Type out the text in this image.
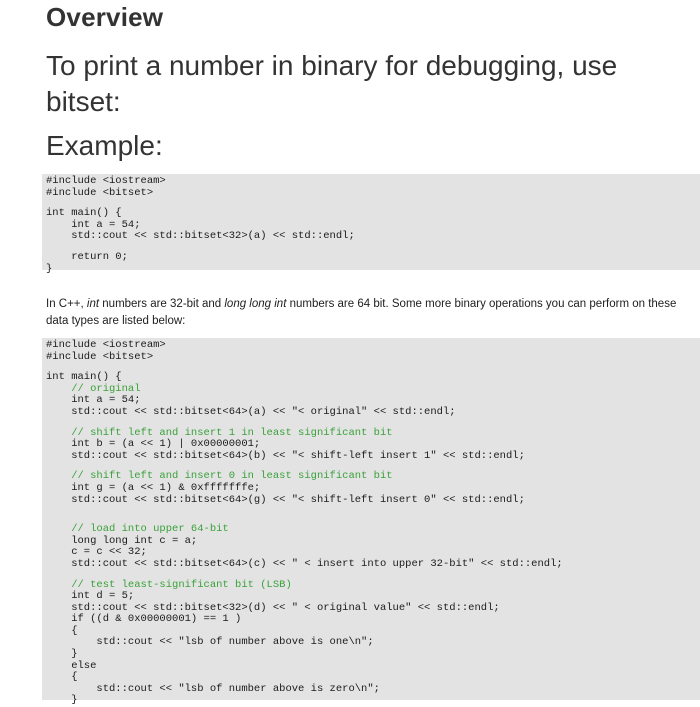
Overview
To print a number in binary for debugging, use bitset:
Example:
#include <iostream>
#include <bitset>
int main() {
int a = 54;
std::cout << std::bitset<32>(a) << std::endl;
return 0;
}
In C++, int numbers are 32-bit and long long int numbers are 64 bit. Some more binary operations you can perform on these data types are listed below:
#include <iostream>
#include <bitset>
int main() {
// original
int a = 54;
std::cout << std::bitset<64>(a) << "< original" << std::endl;
// shift left and insert 1 in least significant bit
int b = (a << 1) | 0x00000001;
std::cout << std::bitset<64>(b) << "< shift-left insert 1" << std::endl;
// shift left and insert 0 in least significant bit
int g = (a << 1) & 0xfffffffe;
std::cout << std::bitset<64>(g) << "< shift-left insert 0" << std::endl;
// load into upper 64-bit
long long int c = a;
c = c << 32;
std::cout << std::bitset<64>(c) << " < insert into upper 32-bit" << std::endl;
// test least-significant bit (LSB)
int d = 5;
std::cout << std::bitset<32>(d) << " < original value" << std::endl;
if ((d & 0x00000001) == 1 )
{
std::cout << "lsb of number above is one\n";
}
else
{
std::cout << "lsb of number above is zero\n";
}
